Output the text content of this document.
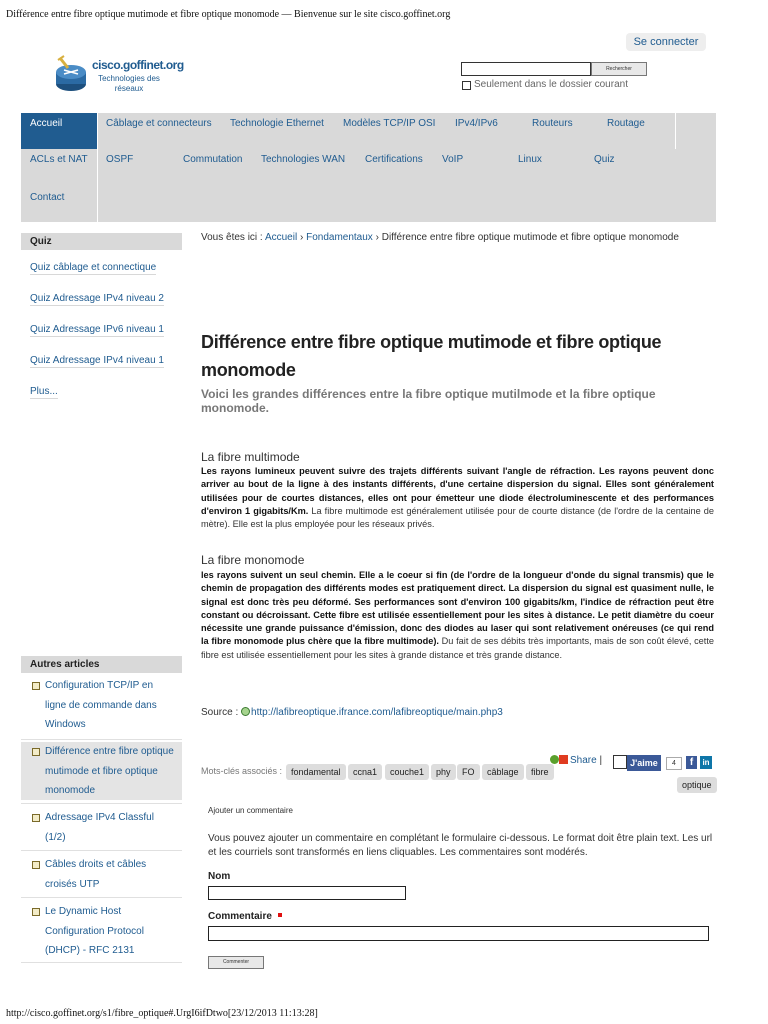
Différence entre fibre optique mutimode et fibre optique monomode — Bienvenue sur le site cisco.goffinet.org
Se connecter
cisco.goffinet.org
Technologies des réseaux
Rechercher
Seulement dans le dossier courant
Accueil	Câblage et connecteurs Technologie Ethernet Modèles TCP/IP OSI IPv4/IPv6	Routeurs	Routage
ACLs et NAT OSPF	Commutation Technologies WAN Certifications VoIP	Linux	Quiz
Contact
Quiz
Quiz câblage et connectique
Quiz Adressage IPv4 niveau 2
Quiz Adressage IPv6 niveau 1
Quiz Adressage IPv4 niveau 1
Plus...
Autres articles
Configuration TCP/IP en
ligne de commande dans
Windows
Différence entre fibre optique
mutimode et fibre optique
monomode
Adressage IPv4 Classful
(1/2)
Câbles droits et câbles
croisés UTP
Le Dynamic Host
Configuration Protocol
(DHCP) - RFC 2131
Vous êtes ici : Accueil › Fondamentaux › Différence entre fibre optique mutimode et fibre optique monomode
Différence entre fibre optique mutimode et fibre optique monomode
Voici les grandes différences entre la fibre optique mutilmode et la fibre optique monomode.
La fibre multimode
Les rayons lumineux peuvent suivre des trajets différents suivant l'angle de réfraction. Les rayons peuvent donc arriver au bout de la ligne à des instants différents, d'une certaine dispersion du signal. Elles sont généralement utilisées pour de courtes distances, elles ont pour émetteur une diode électroluminescente et des performances d'environ 1 gigabits/Km. La fibre multimode est généralement utilisée pour de courte distance (de l'ordre de la centaine de mètre). Elle est la plus employée pour les réseaux privés.
La fibre monomode
les rayons suivent un seul chemin. Elle a le coeur si fin (de l'ordre de la longueur d'onde du signal transmis) que le chemin de propagation des différents modes est pratiquement direct. La dispersion du signal est quasiment nulle, le signal est donc très peu déformé. Ses performances sont d'environ 100 gigabits/km, l'indice de réfraction peut être constant ou décroissant. Cette fibre est utilisée essentiellement pour les sites à distance. Le petit diamètre du coeur nécessite une grande puissance d'émission, donc des diodes au laser qui sont relativement onéreuses (ce qui rend la fibre monomode plus chère que la fibre multimode). Du fait de ses débits très importants, mais de son coût élevé, cette fibre est utilisée essentiellement pour les sites à grande distance et très grande distance.
Source : http://lafibreoptique.ifrance.com/lafibreoptique/main.php3
Mots-clés associés : fondamental	ccna1	couche1	phy	FO	câblage	fibre
optique
Share |	J'aime	4	f	in
Ajouter un commentaire
Vous pouvez ajouter un commentaire en complétant le formulaire ci-dessous. Le format doit être plain text. Les url et les courriels sont transformés en liens cliquables. Les commentaires sont modérés.
Nom
Commentaire
Commenter
http://cisco.goffinet.org/s1/fibre_optique#.UrgI6ifDtwo[23/12/2013 11:13:28]
